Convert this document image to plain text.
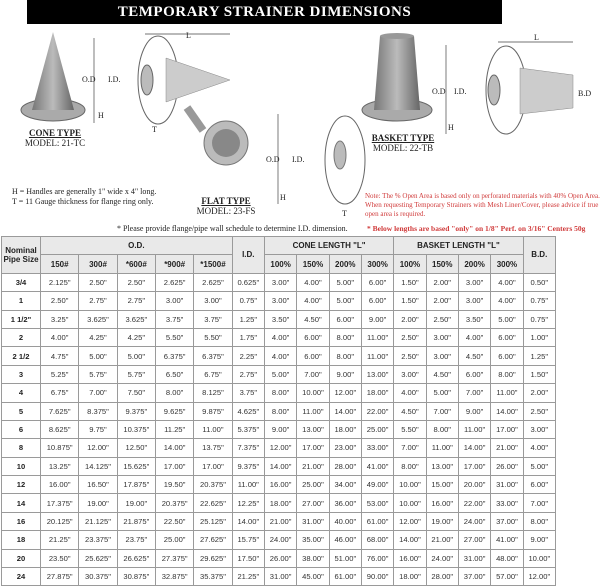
TEMPORARY STRAINER DIMENSIONS
CONE TYPE
MODEL: 21-TC
L
O.D I.D.
H
T
FLAT TYPE
MODEL: 23-FS
O.D I.D.
H
T
BASKET TYPE
MODEL: 22-TB
L
O.D I.D.	B.D
H
H = Handles are generally 1" wide x 4" long.
T = 11 Gauge thickness for flange ring only.
Note: The % Open Area is based only on perforated materials with 40% Open Area. When requesting Temporary Strainers with Mesh Liner/Cover, please advice if true open area is required.
* Please provide flange/pipe wall schedule to determine I.D. dimension.	* Below lengths are based "only" on 1/8" Perf. on 3/16" Centers 50g
Nominal Pipe Size	O.D.					I.D.	CONE LENGTH "L"				BASKET LENGTH "L"				B.D.
	150#	300#	*600#	*900#	*1500#		100%	150%	200%	300%	100%	150%	200%	300%	
3/4	2.125"	2.50"	2.50"	2.625"	2.625"	0.625"	3.00"	4.00"	5.00"	6.00"	1.50"	2.00"	3.00"	4.00"	0.50"
1	2.50"	2.75"	2.75"	3.00"	3.00"	0.75"	3.00"	4.00"	5.00"	6.00"	1.50"	2.00"	3.00"	4.00"	0.75"
1 1/2"	3.25"	3.625"	3.625"	3.75"	3.75"	1.25"	3.50"	4.50"	6.00"	9.00"	2.00"	2.50"	3.50"	5.00"	0.75"
2	4.00"	4.25"	4.25"	5.50"	5.50"	1.75"	4.00"	6.00"	8.00"	11.00"	2.50"	3.00"	4.00"	6.00"	1.00"
2 1/2	4.75"	5.00"	5.00"	6.375"	6.375"	2.25"	4.00"	6.00"	8.00"	11.00"	2.50"	3.00"	4.50"	6.00"	1.25"
3	5.25"	5.75"	5.75"	6.50"	6.75"	2.75"	5.00"	7.00"	9.00"	13.00"	3.00"	4.50"	6.00"	8.00"	1.50"
4	6.75"	7.00"	7.50"	8.00"	8.125"	3.75"	8.00"	10.00"	12.00"	18.00"	4.00"	5.00"	7.00"	11.00"	2.00"
5	7.625"	8.375"	9.375"	9.625"	9.875"	4.625"	8.00"	11.00"	14.00"	22.00"	4.50"	7.00"	9.00"	14.00"	2.50"
6	8.625"	9.75"	10.375"	11.25"	11.00"	5.375"	9.00"	13.00"	18.00"	25.00"	5.50"	8.00"	11.00"	17.00"	3.00"
8	10.875"	12.00"	12.50"	14.00"	13.75"	7.375"	12.00"	17.00"	23.00"	33.00"	7.00"	11.00"	14.00"	21.00"	4.00"
10	13.25"	14.125"	15.625"	17.00"	17.00"	9.375"	14.00"	21.00"	28.00"	41.00"	8.00"	13.00"	17.00"	26.00"	5.00"
12	16.00"	16.50"	17.875"	19.50"	20.375"	11.00"	16.00"	25.00"	34.00"	49.00"	10.00"	15.00"	20.00"	31.00"	6.00"
14	17.375"	19.00"	19.00"	20.375"	22.625"	12.25"	18.00"	27.00"	36.00"	53.00"	10.00"	16.00"	22.00"	33.00"	7.00"
16	20.125"	21.125"	21.875"	22.50"	25.125"	14.00"	21.00"	31.00"	40.00"	61.00"	12.00"	19.00"	24.00"	37.00"	8.00"
18	21.25"	23.375"	23.75"	25.00"	27.625"	15.75"	24.00"	35.00"	46.00"	68.00"	14.00"	21.00"	27.00"	41.00"	9.00"
20	23.50"	25.625"	26.625"	27.375"	29.625"	17.50"	26.00"	38.00"	51.00"	76.00"	16.00"	24.00"	31.00"	48.00"	10.00"
24	27.875"	30.375"	30.875"	32.875"	35.375"	21.25"	31.00"	45.00"	61.00"	90.00"	18.00"	28.00"	37.00"	57.00"	12.00"
